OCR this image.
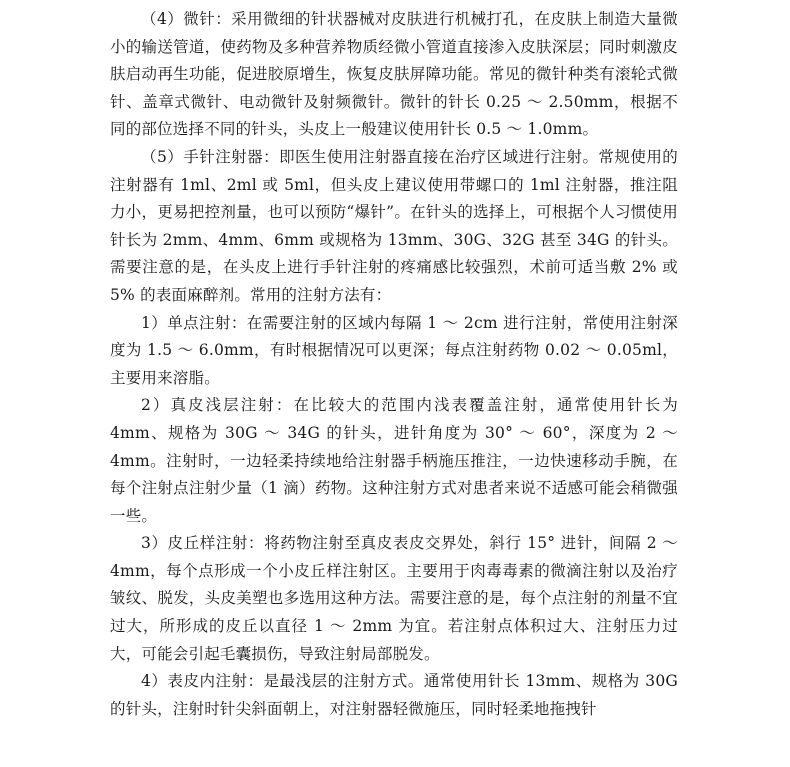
（4）微针：采用微细的针状器械对皮肤进行机械打孔，在皮肤上制造大量微小的输送管道，使药物及多种营养物质经微小管道直接渗入皮肤深层；同时刺激皮肤启动再生功能，促进胶原增生，恢复皮肤屏障功能。常见的微针种类有滚轮式微针、盖章式微针、电动微针及射频微针。微针的针长 0.25 ～ 2.50mm，根据不同的部位选择不同的针头，头皮上一般建议使用针长 0.5 ～ 1.0mm。

（5）手针注射器：即医生使用注射器直接在治疗区域进行注射。常规使用的注射器有 1ml、2ml 或 5ml，但头皮上建议使用带螺口的 1ml 注射器，推注阻力小，更易把控剂量，也可以预防“爆针”。在针头的选择上，可根据个人习惯使用针长为 2mm、4mm、6mm 或规格为 13mm、30G、32G 甚至 34G 的针头。需要注意的是，在头皮上进行手针注射的疼痛感比较强烈，术前可适当敷 2% 或 5% 的表面麻醉剂。常用的注射方法有：

1）单点注射：在需要注射的区域内每隔 1 ～ 2cm 进行注射，常使用注射深度为 1.5 ～ 6.0mm，有时根据情况可以更深；每点注射药物 0.02 ～ 0.05ml，主要用来溶脂。

2）真皮浅层注射：在比较大的范围内浅表覆盖注射，通常使用针长为 4mm、规格为 30G ～ 34G 的针头，进针角度为 30° ～ 60°，深度为 2 ～ 4mm。注射时，一边轻柔持续地给注射器手柄施压推注，一边快速移动手腕，在每个注射点注射少量（1 滴）药物。这种注射方式对患者来说不适感可能会稍微强一些。

3）皮丘样注射：将药物注射至真皮表皮交界处，斜行 15° 进针，间隔 2 ～ 4mm，每个点形成一个小皮丘样注射区。主要用于肉毒毒素的微滴注射以及治疗皱纹、脱发，头皮美塑也多选用这种方法。需要注意的是，每个点注射的剂量不宜过大，所形成的皮丘以直径 1 ～ 2mm 为宜。若注射点体积过大、注射压力过大，可能会引起毛囊损伤，导致注射局部脱发。

4）表皮内注射：是最浅层的注射方式。通常使用针长 13mm、规格为 30G 的针头，注射时针尖斜面朝上，对注射器轻微施压，同时轻柔地拖拽针
